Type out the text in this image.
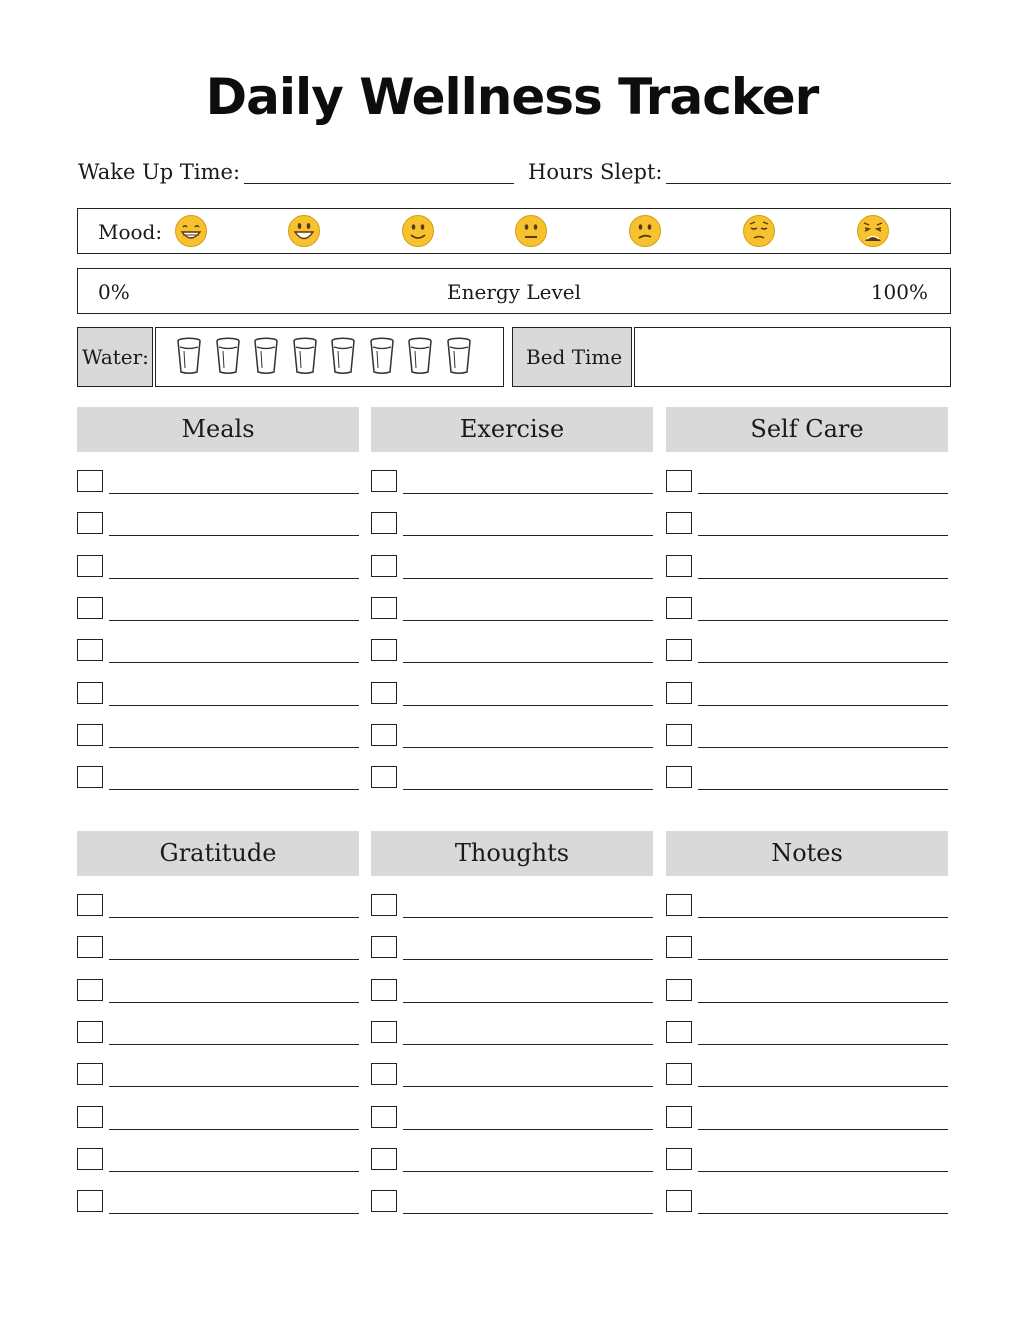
Daily Wellness Tracker
Wake Up Time:	Hours Slept:
Mood:
0%	Energy Level	100%
Water:	Bed Time
Meals	Exercise	Self Care
Gratitude	Thoughts	Notes
